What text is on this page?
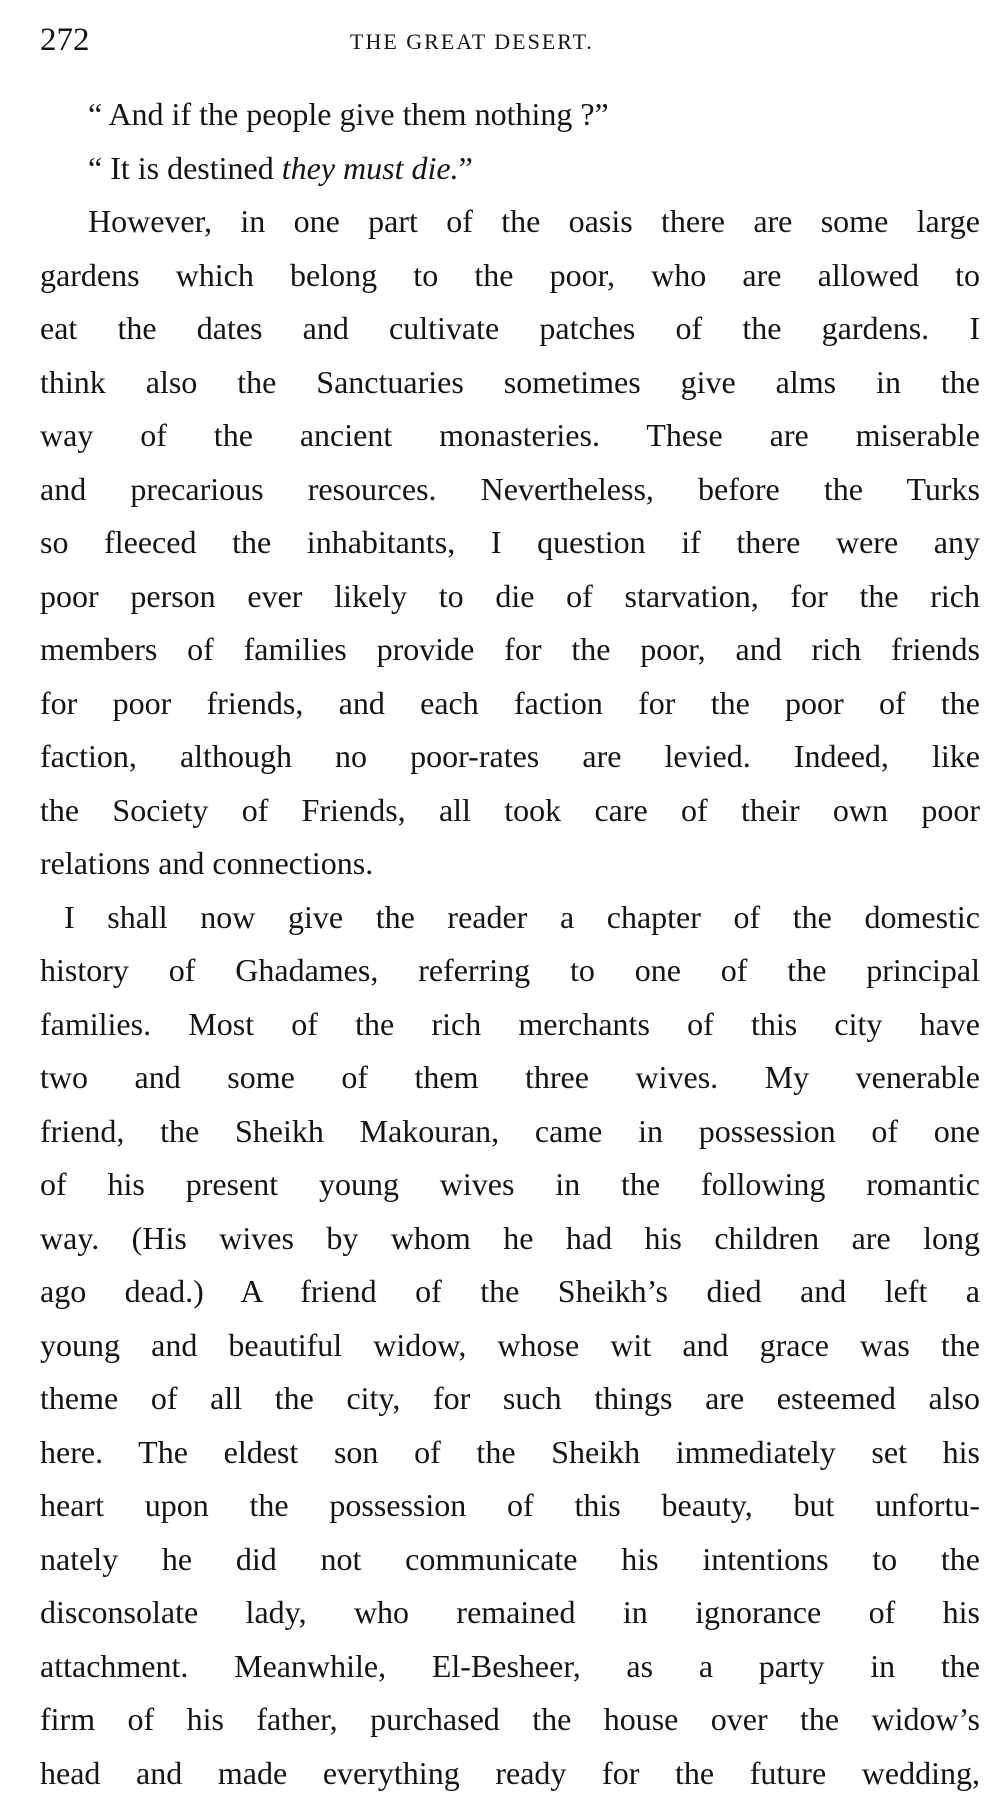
272	THE GREAT DESERT.
“ And if the people give them nothing ?”
“ It is destined they must die.”
However, in one part of the oasis there are some large
gardens which belong to the poor, who are allowed to
eat the dates and cultivate patches of the gardens. I
think also the Sanctuaries sometimes give alms in the
way of the ancient monasteries. These are miserable
and precarious resources. Nevertheless, before the Turks
so fleeced the inhabitants, I question if there were any
poor person ever likely to die of starvation, for the rich
members of families provide for the poor, and rich friends
for poor friends, and each faction for the poor of the
faction, although no poor-rates are levied. Indeed, like
the Society of Friends, all took care of their own poor
relations and connections.
I shall now give the reader a chapter of the domestic
history of Ghadames, referring to one of the principal
families. Most of the rich merchants of this city have
two and some of them three wives. My venerable
friend, the Sheikh Makouran, came in possession of one
of his present young wives in the following romantic
way. (His wives by whom he had his children are long
ago dead.) A friend of the Sheikh’s died and left a
young and beautiful widow, whose wit and grace was the
theme of all the city, for such things are esteemed also
here. The eldest son of the Sheikh immediately set his
heart upon the possession of this beauty, but unfortu-
nately he did not communicate his intentions to the
disconsolate lady, who remained in ignorance of his
attachment. Meanwhile, El-Besheer, as a party in the
firm of his father, purchased the house over the widow’s
head and made everything ready for the future wedding,
